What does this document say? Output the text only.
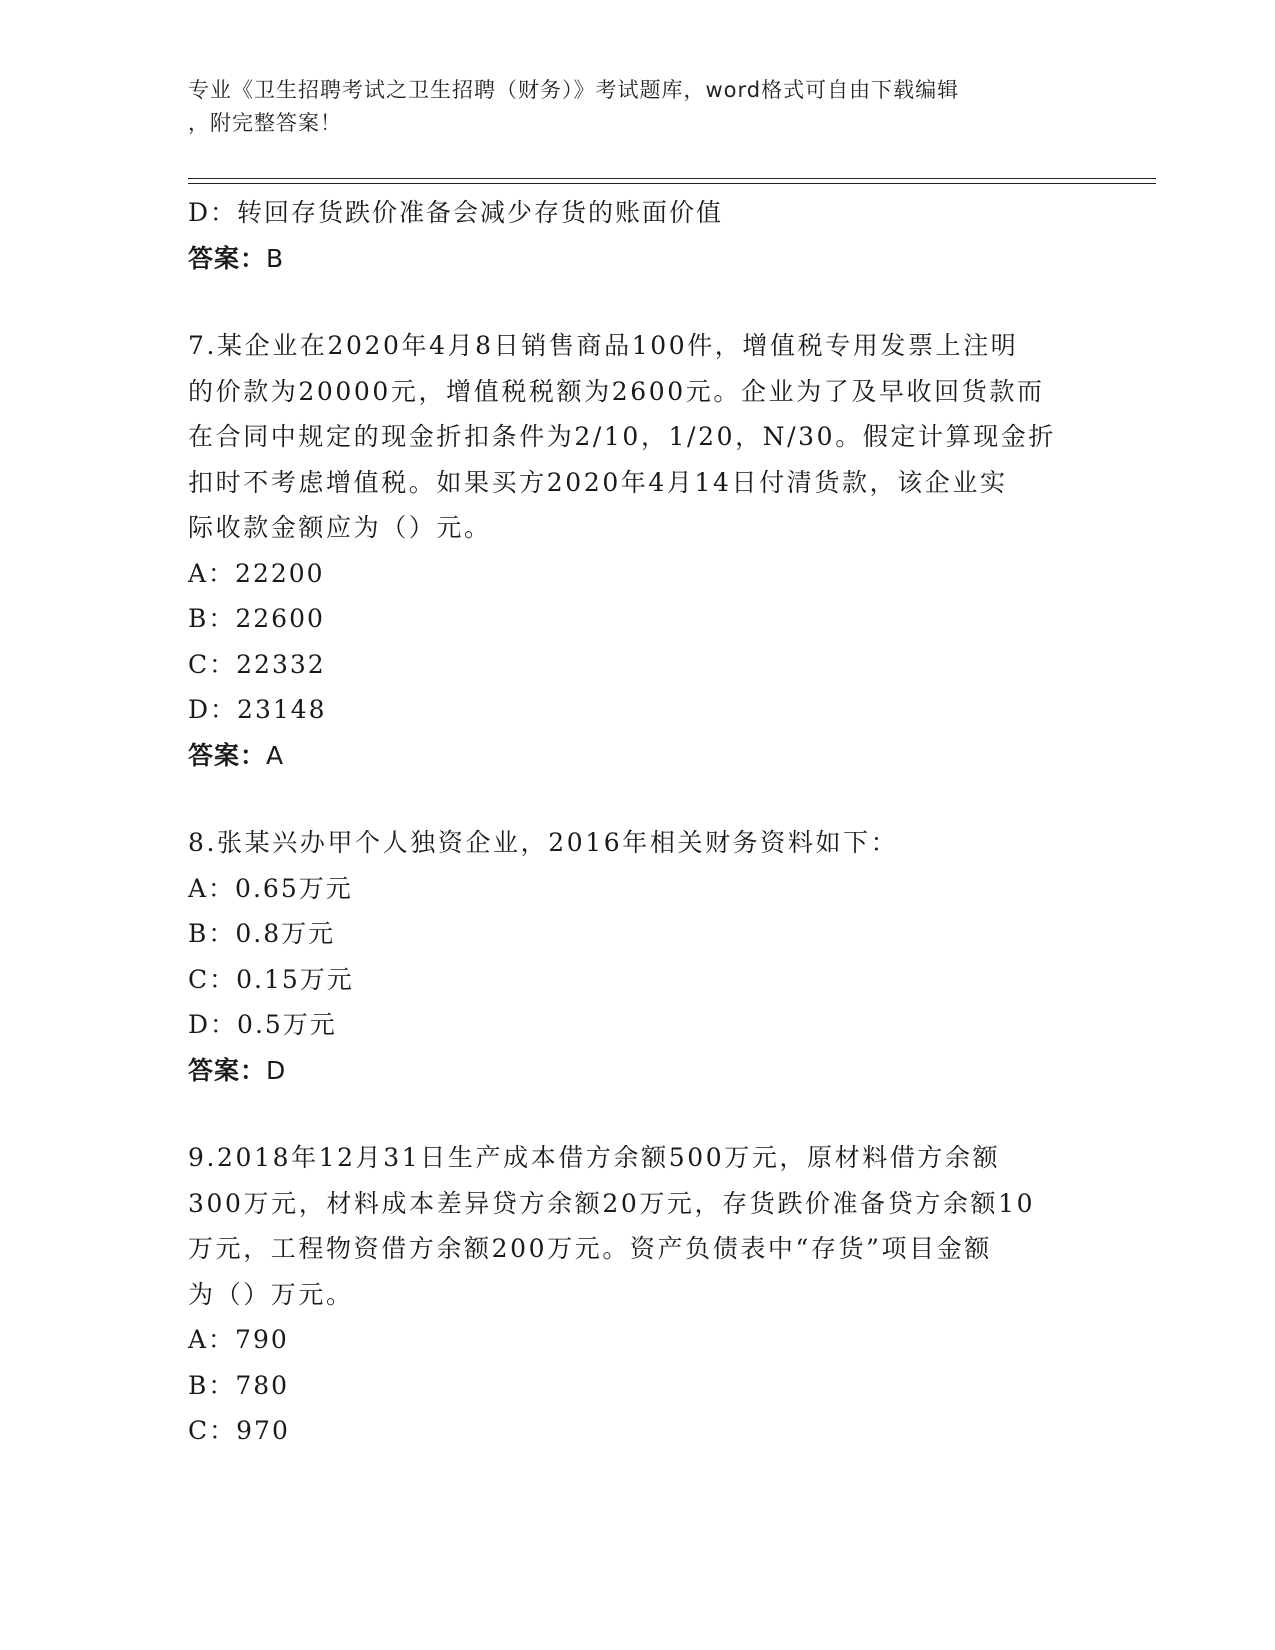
专业《卫生招聘考试之卫生招聘（财务）》考试题库，word格式可自由下载编辑
，附完整答案！
D：转回存货跌价准备会减少存货的账面价值
答案：B
7.某企业在2020年4月8日销售商品100件，增值税专用发票上注明
的价款为20000元，增值税税额为2600元。企业为了及早收回货款而
在合同中规定的现金折扣条件为2/10，1/20，N/30。假定计算现金折
扣时不考虑增值税。如果买方2020年4月14日付清货款，该企业实
际收款金额应为（）元。
A：22200
B：22600
C：22332
D：23148
答案：A
8.张某兴办甲个人独资企业，2016年相关财务资料如下：
A：0.65万元
B：0.8万元
C：0.15万元
D：0.5万元
答案：D
9.2018年12月31日生产成本借方余额500万元，原材料借方余额
300万元，材料成本差异贷方余额20万元，存货跌价准备贷方余额10
万元，工程物资借方余额200万元。资产负债表中“存货”项目金额
为（）万元。
A：790
B：780
C：970
